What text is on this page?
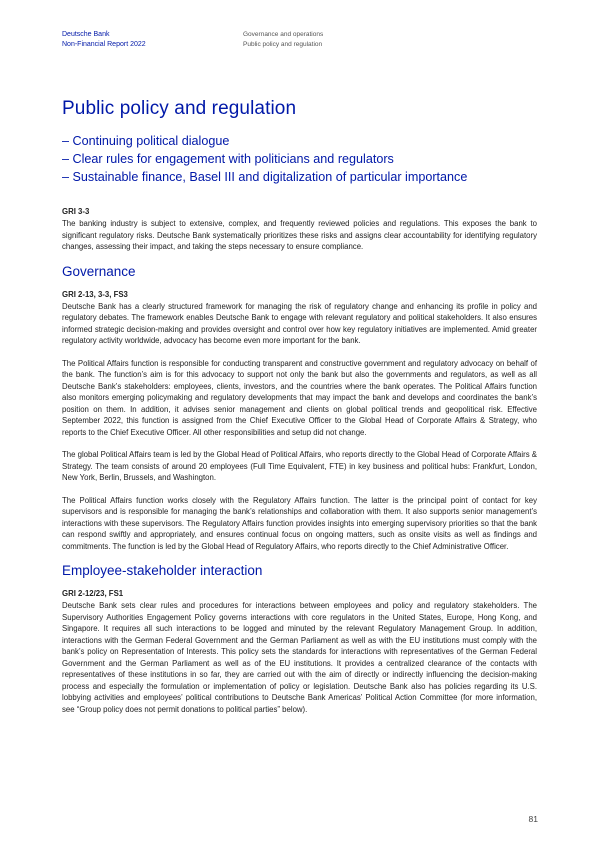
Deutsche Bank
Non-Financial Report 2022
Governance and operations
Public policy and regulation
Public policy and regulation
– Continuing political dialogue
– Clear rules for engagement with politicians and regulators
– Sustainable finance, Basel III and digitalization of particular importance
GRI 3-3

The banking industry is subject to extensive, complex, and frequently reviewed policies and regulations. This exposes the bank to significant regulatory risks. Deutsche Bank systematically prioritizes these risks and assigns clear accountability for identifying regulatory changes, assessing their impact, and taking the steps necessary to ensure compliance.

Governance
GRI 2-13, 3-3, FS3

Deutsche Bank has a clearly structured framework for managing the risk of regulatory change and enhancing its profile in policy and regulatory debates. The framework enables Deutsche Bank to engage with relevant regulatory and political stakeholders. It also ensures informed strategic decision-making and provides oversight and control over how key regulatory initiatives are implemented. Amid greater regulatory activity worldwide, advocacy has become even more important for the bank.

The Political Affairs function is responsible for conducting transparent and constructive government and regulatory advocacy on behalf of the bank. The function’s aim is for this advocacy to support not only the bank but also the governments and regulators, as well as all Deutsche Bank’s stakeholders: employees, clients, investors, and the countries where the bank operates. The Political Affairs function also monitors emerging policymaking and regulatory developments that may impact the bank and develops and coordinates the bank’s position on them. In addition, it advises senior management and clients on global political trends and geopolitical risk. Effective September 2022, this function is assigned from the Chief Executive Officer to the Global Head of Corporate Affairs & Strategy, who reports to the Chief Executive Officer. All other responsibilities and setup did not change.

The global Political Affairs team is led by the Global Head of Political Affairs, who reports directly to the Global Head of Corporate Affairs & Strategy. The team consists of around 20 employees (Full Time Equivalent, FTE) in key business and political hubs: Frankfurt, London, New York, Berlin, Brussels, and Washington.

The Political Affairs function works closely with the Regulatory Affairs function. The latter is the principal point of contact for key supervisors and is responsible for managing the bank’s relationships and collaboration with them. It also supports senior management’s interactions with these supervisors. The Regulatory Affairs function provides insights into emerging supervisory priorities so that the bank can respond swiftly and appropriately, and ensures continual focus on ongoing matters, such as onsite visits as well as findings and commitments. The function is led by the Global Head of Regulatory Affairs, who reports directly to the Chief Administrative Officer.

Employee-stakeholder interaction
GRI 2-12/23, FS1

Deutsche Bank sets clear rules and procedures for interactions between employees and policy and regulatory stakeholders. The Supervisory Authorities Engagement Policy governs interactions with core regulators in the United States, Europe, Hong Kong, and Singapore. It requires all such interactions to be logged and minuted by the relevant Regulatory Management Group. In addition, interactions with the German Federal Government and the German Parliament as well as with the EU institutions must comply with the bank’s policy on Representation of Interests. This policy sets the standards for interactions with representatives of the German Federal Government and the German Parliament as well as of the EU institutions. It provides a centralized clearance of the contacts with representatives of these institutions in so far, they are carried out with the aim of directly or indirectly influencing the decision-making process and especially the formulation or implementation of policy or legislation. Deutsche Bank also has policies regarding its U.S. lobbying activities and employees’ political contributions to Deutsche Bank Americas’ Political Action Committee (for more information, see “Group policy does not permit donations to political parties” below).

81
